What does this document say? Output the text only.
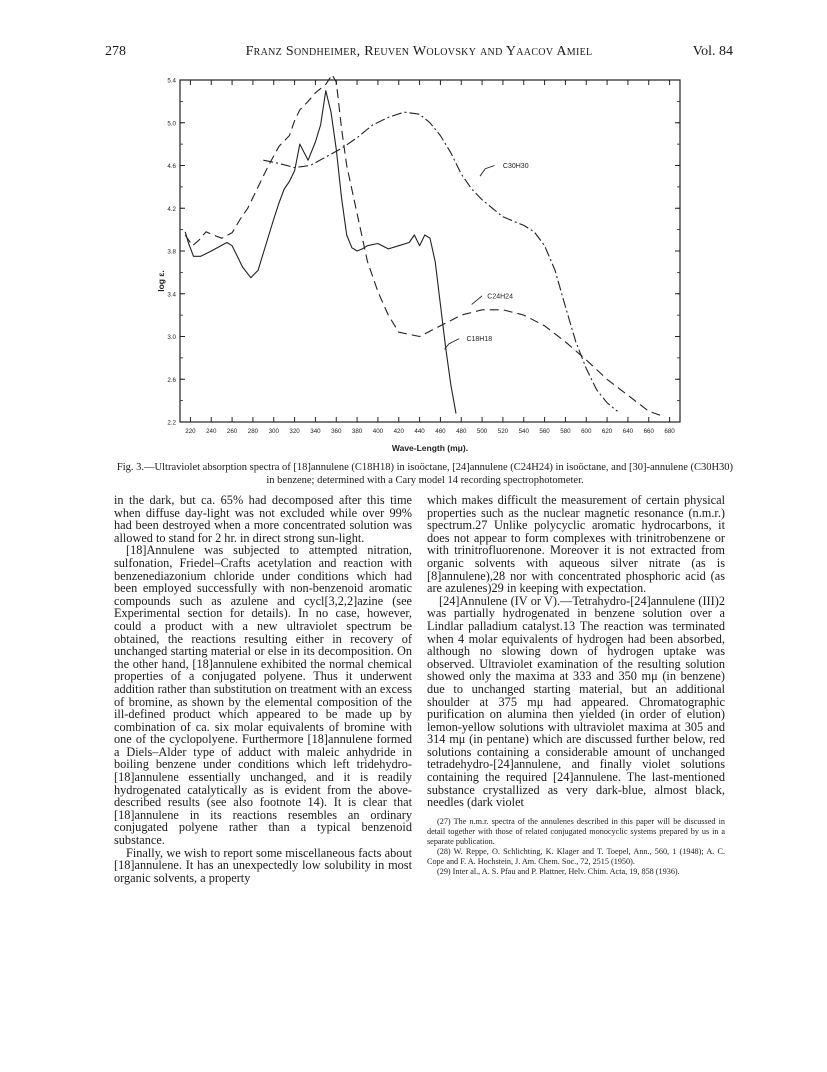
278	Franz Sondheimer, Reuven Wolovsky and Yaacov Amiel	Vol. 84
220 240 260 280 300 320 340 360 380 400 420 440 460 480 500 520 540 560 580 600 620 640 660 680
2.2
2.6
3.0
3.4
3.8
4.2
4.6
5.0
5.4
Wave-Length (mμ).
log ε.
C30H30
C24H24
C18H18
Fig. 3.—Ultraviolet absorption spectra of [18]annulene (C18H18) in isoöctane, [24]annulene (C24H24) in isoöctane, and [30]-annulene (C30H30) in benzene; determined with a Cary model 14 recording spectrophotometer.

in the dark, but ca. 65% had decomposed after this time when diffuse day-light was not excluded while over 99% had been destroyed when a more concentrated solution was allowed to stand for 2 hr. in direct strong sun-light.

[18]Annulene was subjected to attempted nitration, sulfonation, Friedel–Crafts acetylation and reaction with benzenediazonium chloride under conditions which had been employed successfully with non-benzenoid aromatic compounds such as azulene and cycl[3,2,2]azine (see Experimental section for details). In no case, however, could a product with a new ultraviolet spectrum be obtained, the reactions resulting either in recovery of unchanged starting material or else in its decomposition. On the other hand, [18]annulene exhibited the normal chemical properties of a conjugated polyene. Thus it underwent addition rather than substitution on treatment with an excess of bromine, as shown by the elemental composition of the ill-defined product which appeared to be made up by combination of ca. six molar equivalents of bromine with one of the cyclopolyene. Furthermore [18]annulene formed a Diels–Alder type of adduct with maleic anhydride in boiling benzene under conditions which left tridehydro-[18]annulene essentially unchanged, and it is readily hydrogenated catalytically as is evident from the above-described results (see also footnote 14). It is clear that [18]annulene in its reactions resembles an ordinary conjugated polyene rather than a typical benzenoid substance.

Finally, we wish to report some miscellaneous facts about [18]annulene. It has an unexpectedly low solubility in most organic solvents, a property

which makes difficult the measurement of certain physical properties such as the nuclear magnetic resonance (n.m.r.) spectrum.27 Unlike polycyclic aromatic hydrocarbons, it does not appear to form complexes with trinitrobenzene or with trinitrofluorenone. Moreover it is not extracted from organic solvents with aqueous silver nitrate (as is [8]annulene),28 nor with concentrated phosphoric acid (as are azulenes)29 in keeping with expectation.

[24]Annulene (IV or V).—Tetrahydro-[24]annulene (III)2 was partially hydrogenated in benzene solution over a Lindlar palladium catalyst.13 The reaction was terminated when 4 molar equivalents of hydrogen had been absorbed, although no slowing down of hydrogen uptake was observed. Ultraviolet examination of the resulting solution showed only the maxima at 333 and 350 mμ (in benzene) due to unchanged starting material, but an additional shoulder at 375 mμ had appeared. Chromatographic purification on alumina then yielded (in order of elution) lemon-yellow solutions with ultraviolet maxima at 305 and 314 mμ (in pentane) which are discussed further below, red solutions containing a considerable amount of unchanged tetradehydro-[24]annulene, and finally violet solutions containing the required [24]annulene. The last-mentioned substance crystallized as very dark-blue, almost black, needles (dark violet

(27) The n.m.r. spectra of the annulenes described in this paper will be discussed in detail together with those of related conjugated monocyclic systems prepared by us in a separate publication.
(28) W. Reppe, O. Schlichting, K. Klager and T. Toepel, Ann., 560, 1 (1948); A. C. Cope and F. A. Hochstein, J. Am. Chem. Soc., 72, 2515 (1950).
(29) Inter al., A. S. Pfau and P. Plattner, Helv. Chim. Acta, 19, 858 (1936).
